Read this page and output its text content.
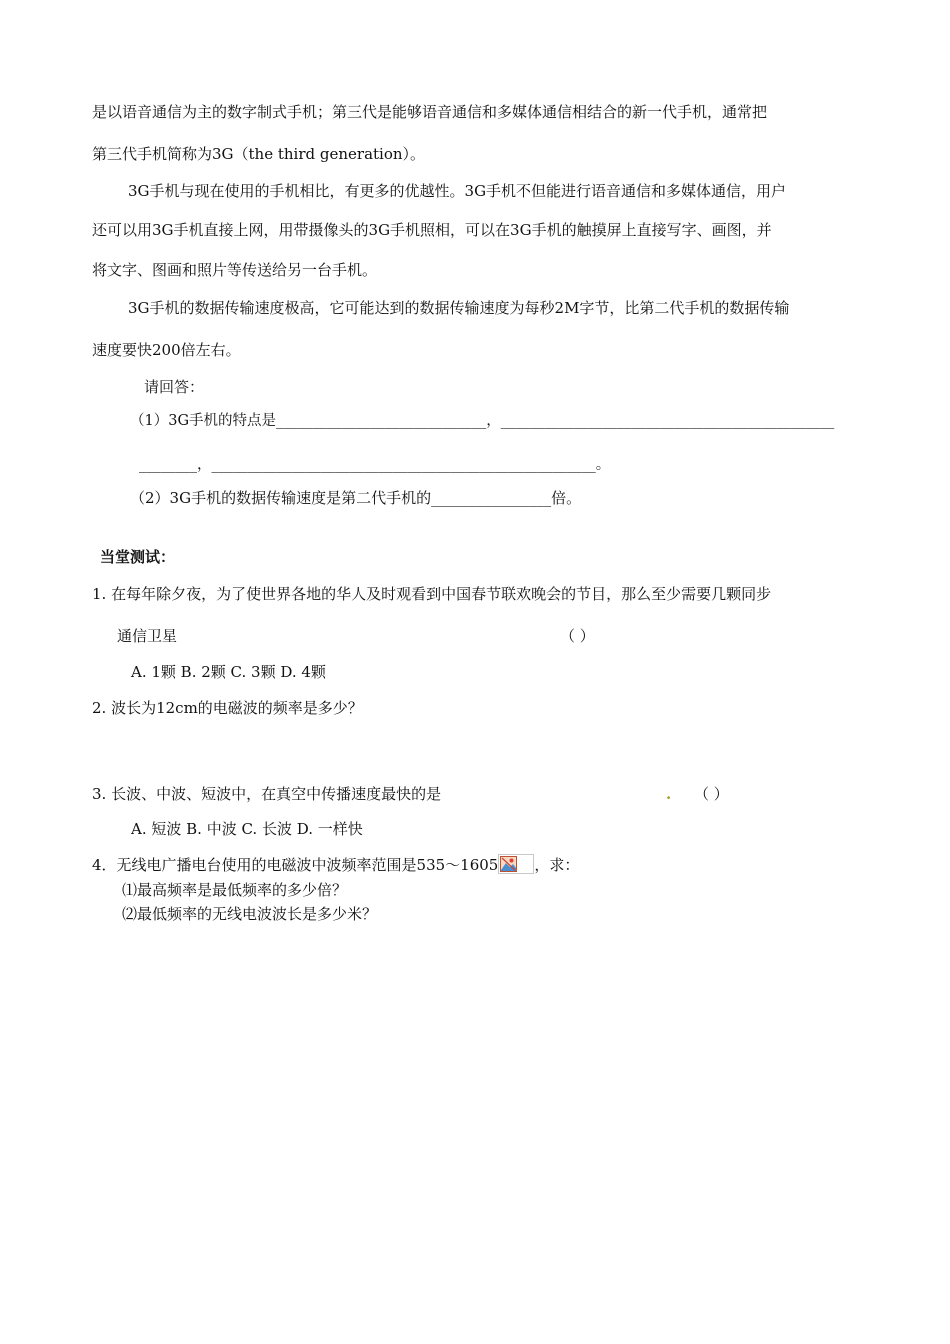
是以语音通信为主的数字制式手机；第三代是能够语音通信和多媒体通信相结合的新一代手机，通常把
第三代手机简称为3G（the third generation）。
3G手机与现在使用的手机相比，有更多的优越性。3G手机不但能进行语音通信和多媒体通信，用户
还可以用3G手机直接上网，用带摄像头的3G手机照相，可以在3G手机的触摸屏上直接写字、画图，并
将文字、图画和照片等传送给另一台手机。
3G手机的数据传输速度极高，它可能达到的数据传输速度为每秒2M字节，比第二代手机的数据传输
速度要快200倍左右。
请回答：
（1）3G手机的特点是_____________________________，______________________________________________
________，_____________________________________________________。
（2）3G手机的数据传输速度是第二代手机的________________倍。
当堂测试：
1. 在每年除夕夜，为了使世界各地的华人及时观看到中国春节联欢晚会的节目，那么至少需要几颗同步
通信卫星	（ ）
A. 1颗 B. 2颗 C. 3颗 D. 4颗
2. 波长为12cm的电磁波的频率是多少？
3. 长波、中波、短波中，在真空中传播速度最快的是	. （ ）
A. 短波 B. 中波 C. 长波 D. 一样快
4．无线电广播电台使用的电磁波中波频率范围是535～1605 ，求：
⑴最高频率是最低频率的多少倍？
⑵最低频率的无线电波波长是多少米？
